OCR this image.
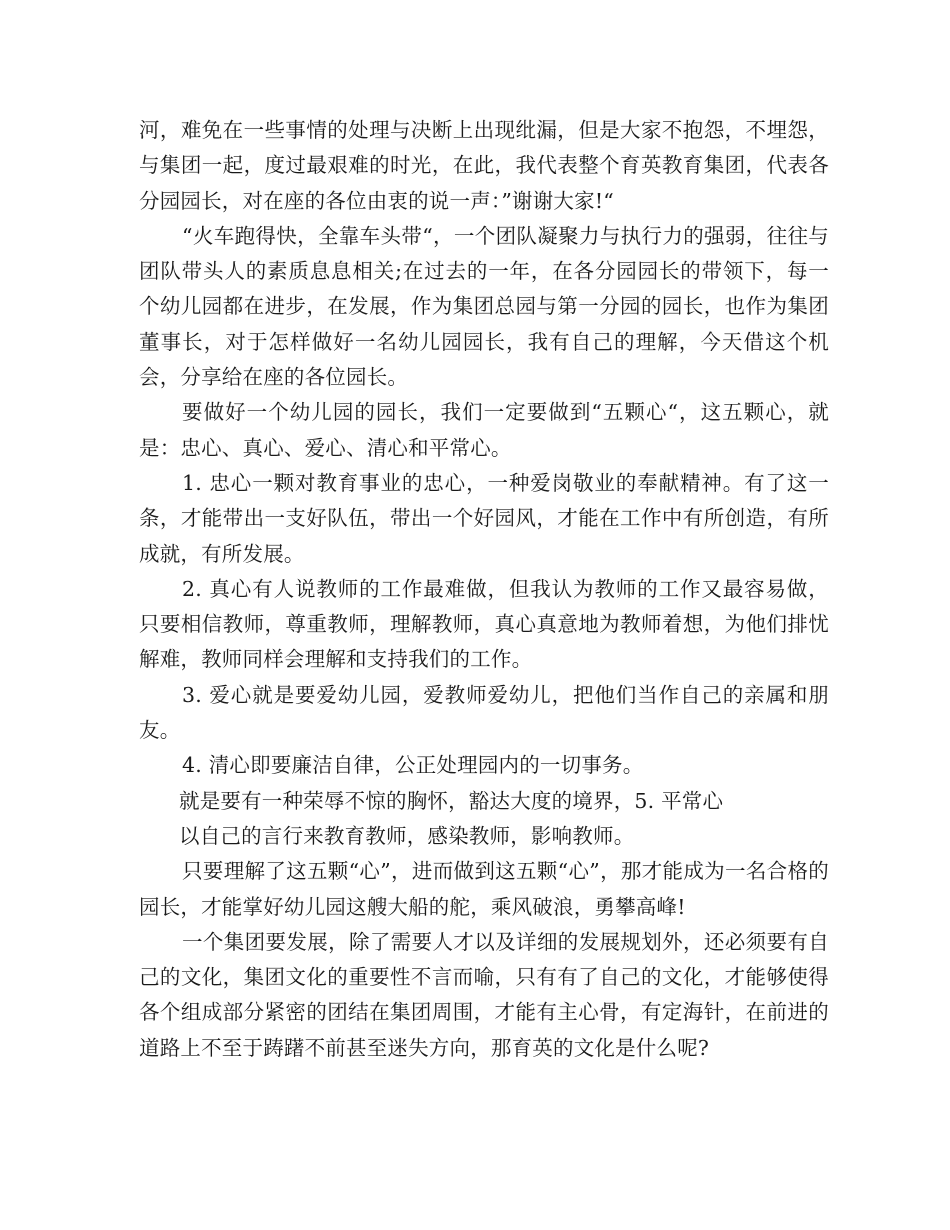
河，难免在一些事情的处理与决断上出现纰漏，但是大家不抱怨，不埋怨，与集团一起，度过最艰难的时光，在此，我代表整个育英教育集团，代表各分园园长，对在座的各位由衷的说一声：”谢谢大家!“

“火车跑得快，全靠车头带“，一个团队凝聚力与执行力的强弱，往往与团队带头人的素质息息相关;在过去的一年，在各分园园长的带领下，每一个幼儿园都在进步，在发展，作为集团总园与第一分园的园长，也作为集团董事长，对于怎样做好一名幼儿园园长，我有自己的理解，今天借这个机会，分享给在座的各位园长。

要做好一个幼儿园的园长，我们一定要做到“五颗心“，这五颗心，就是：忠心、真心、爱心、清心和平常心。

1. 忠心一颗对教育事业的忠心，一种爱岗敬业的奉献精神。有了这一条，才能带出一支好队伍，带出一个好园风，才能在工作中有所创造，有所成就，有所发展。

2. 真心有人说教师的工作最难做，但我认为教师的工作又最容易做，只要相信教师，尊重教师，理解教师，真心真意地为教师着想，为他们排忧解难，教师同样会理解和支持我们的工作。

3. 爱心就是要爱幼儿园，爱教师爱幼儿，把他们当作自己的亲属和朋友。

4. 清心即要廉洁自律，公正处理园内的一切事务。

就是要有一种荣辱不惊的胸怀，豁达大度的境界，5. 平常心

以自己的言行来教育教师，感染教师，影响教师。

只要理解了这五颗“心”，进而做到这五颗“心”，那才能成为一名合格的园长，才能掌好幼儿园这艘大船的舵，乘风破浪，勇攀高峰!

一个集团要发展，除了需要人才以及详细的发展规划外，还必须要有自己的文化，集团文化的重要性不言而喻，只有有了自己的文化，才能够使得各个组成部分紧密的团结在集团周围，才能有主心骨，有定海针，在前进的道路上不至于踌躇不前甚至迷失方向，那育英的文化是什么呢?
